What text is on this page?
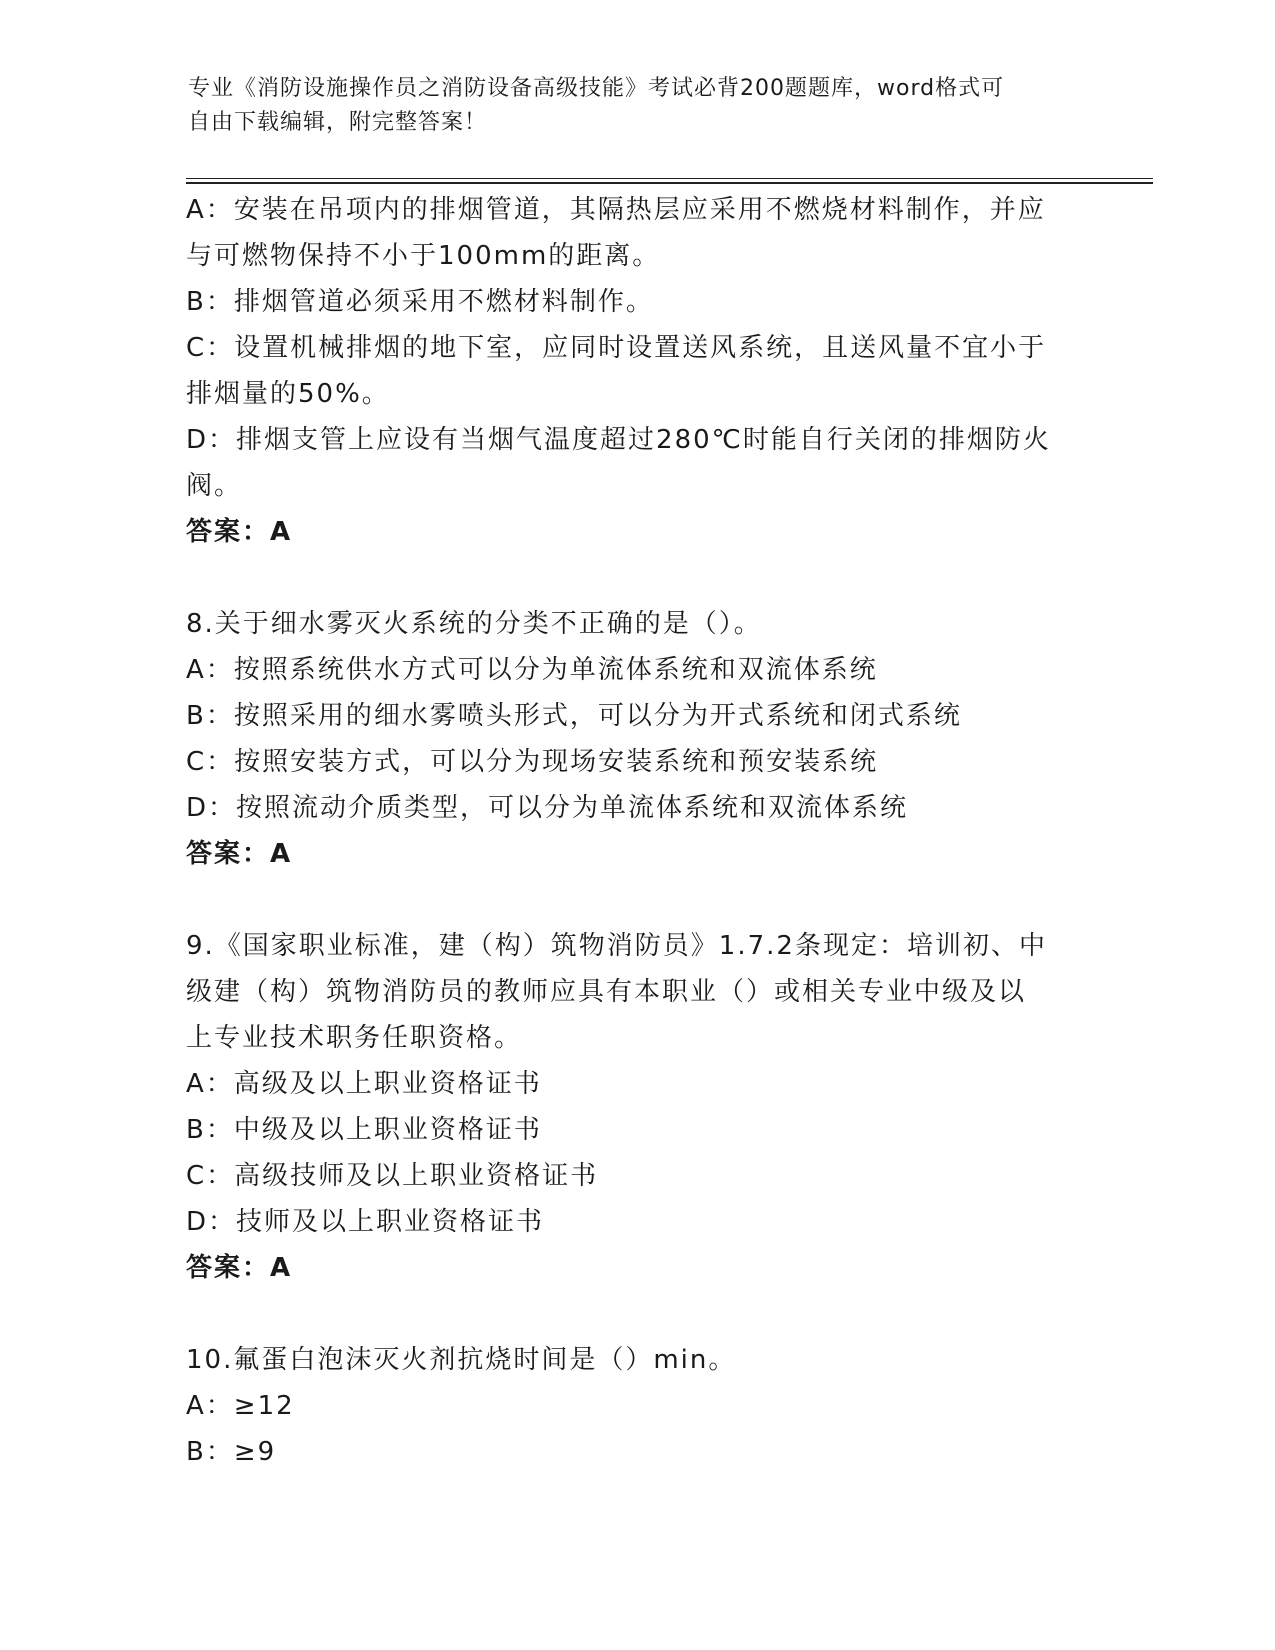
专业《消防设施操作员之消防设备高级技能》考试必背200题题库，word格式可
自由下载编辑，附完整答案！

A：安装在吊项内的排烟管道，其隔热层应采用不燃烧材料制作，并应

与可燃物保持不小于100mm的距离。

B：排烟管道必须采用不燃材料制作。

C：设置机械排烟的地下室，应同时设置送风系统，且送风量不宜小于

排烟量的50%。

D：排烟支管上应设有当烟气温度超过280℃时能自行关闭的排烟防火

阀。

答案：A

8.关于细水雾灭火系统的分类不正确的是（）。

A：按照系统供水方式可以分为单流体系统和双流体系统

B：按照采用的细水雾喷头形式，可以分为开式系统和闭式系统

C：按照安装方式，可以分为现场安装系统和预安装系统

D：按照流动介质类型，可以分为单流体系统和双流体系统

答案：A

9.《国家职业标准，建（构）筑物消防员》1.7.2条现定：培训初、中

级建（构）筑物消防员的教师应具有本职业（）或相关专业中级及以

上专业技术职务任职资格。

A：高级及以上职业资格证书

B：中级及以上职业资格证书

C：高级技师及以上职业资格证书

D：技师及以上职业资格证书

答案：A

10.氟蛋白泡沫灭火剂抗烧时间是（）min。

A：≥12

B：≥9
